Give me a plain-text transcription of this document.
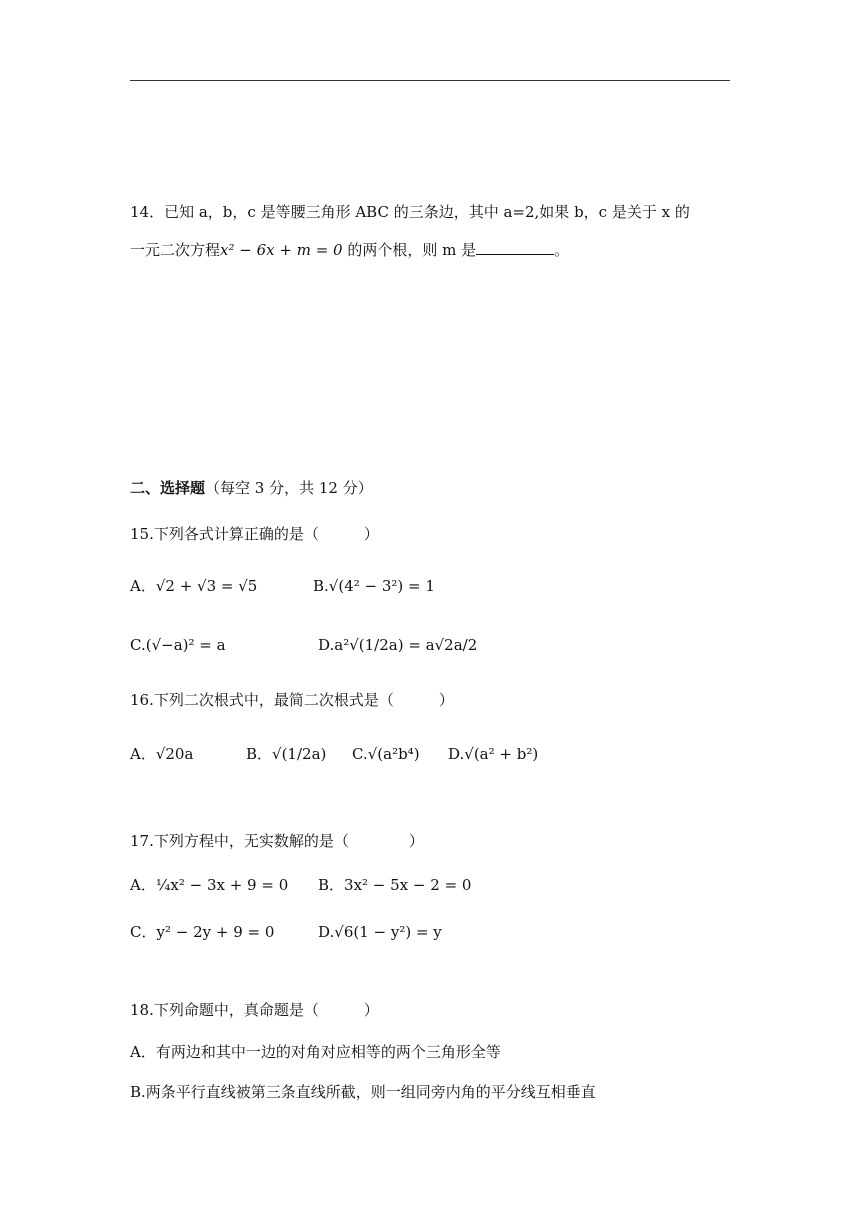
14．已知 a，b，c 是等腰三角形 ABC 的三条边，其中 a=2,如果 b，c 是关于 x 的
一元二次方程x² − 6x + m = 0 的两个根，则 m 是	。
二、选择题（每空 3 分，共 12 分）
15.下列各式计算正确的是（　　　）
A．√2 + √3 = √5	B.√(4² − 3²) = 1
C.(√−a)² = a	D.a²√(1/2a) = a√2a/2
16.下列二次根式中，最简二次根式是（　　　）
A．√20a	B．√(1/2a) C.√(a²b⁴) D.√(a² + b²)
17.下列方程中，无实数解的是（　　　　）
A．¼x² − 3x + 9 = 0 B．3x² − 5x − 2 = 0
C．y² − 2y + 9 = 0	D.√6(1 − y²) = y
18.下列命题中，真命题是（　　　）
A．有两边和其中一边的对角对应相等的两个三角形全等
B.两条平行直线被第三条直线所截，则一组同旁内角的平分线互相垂直
